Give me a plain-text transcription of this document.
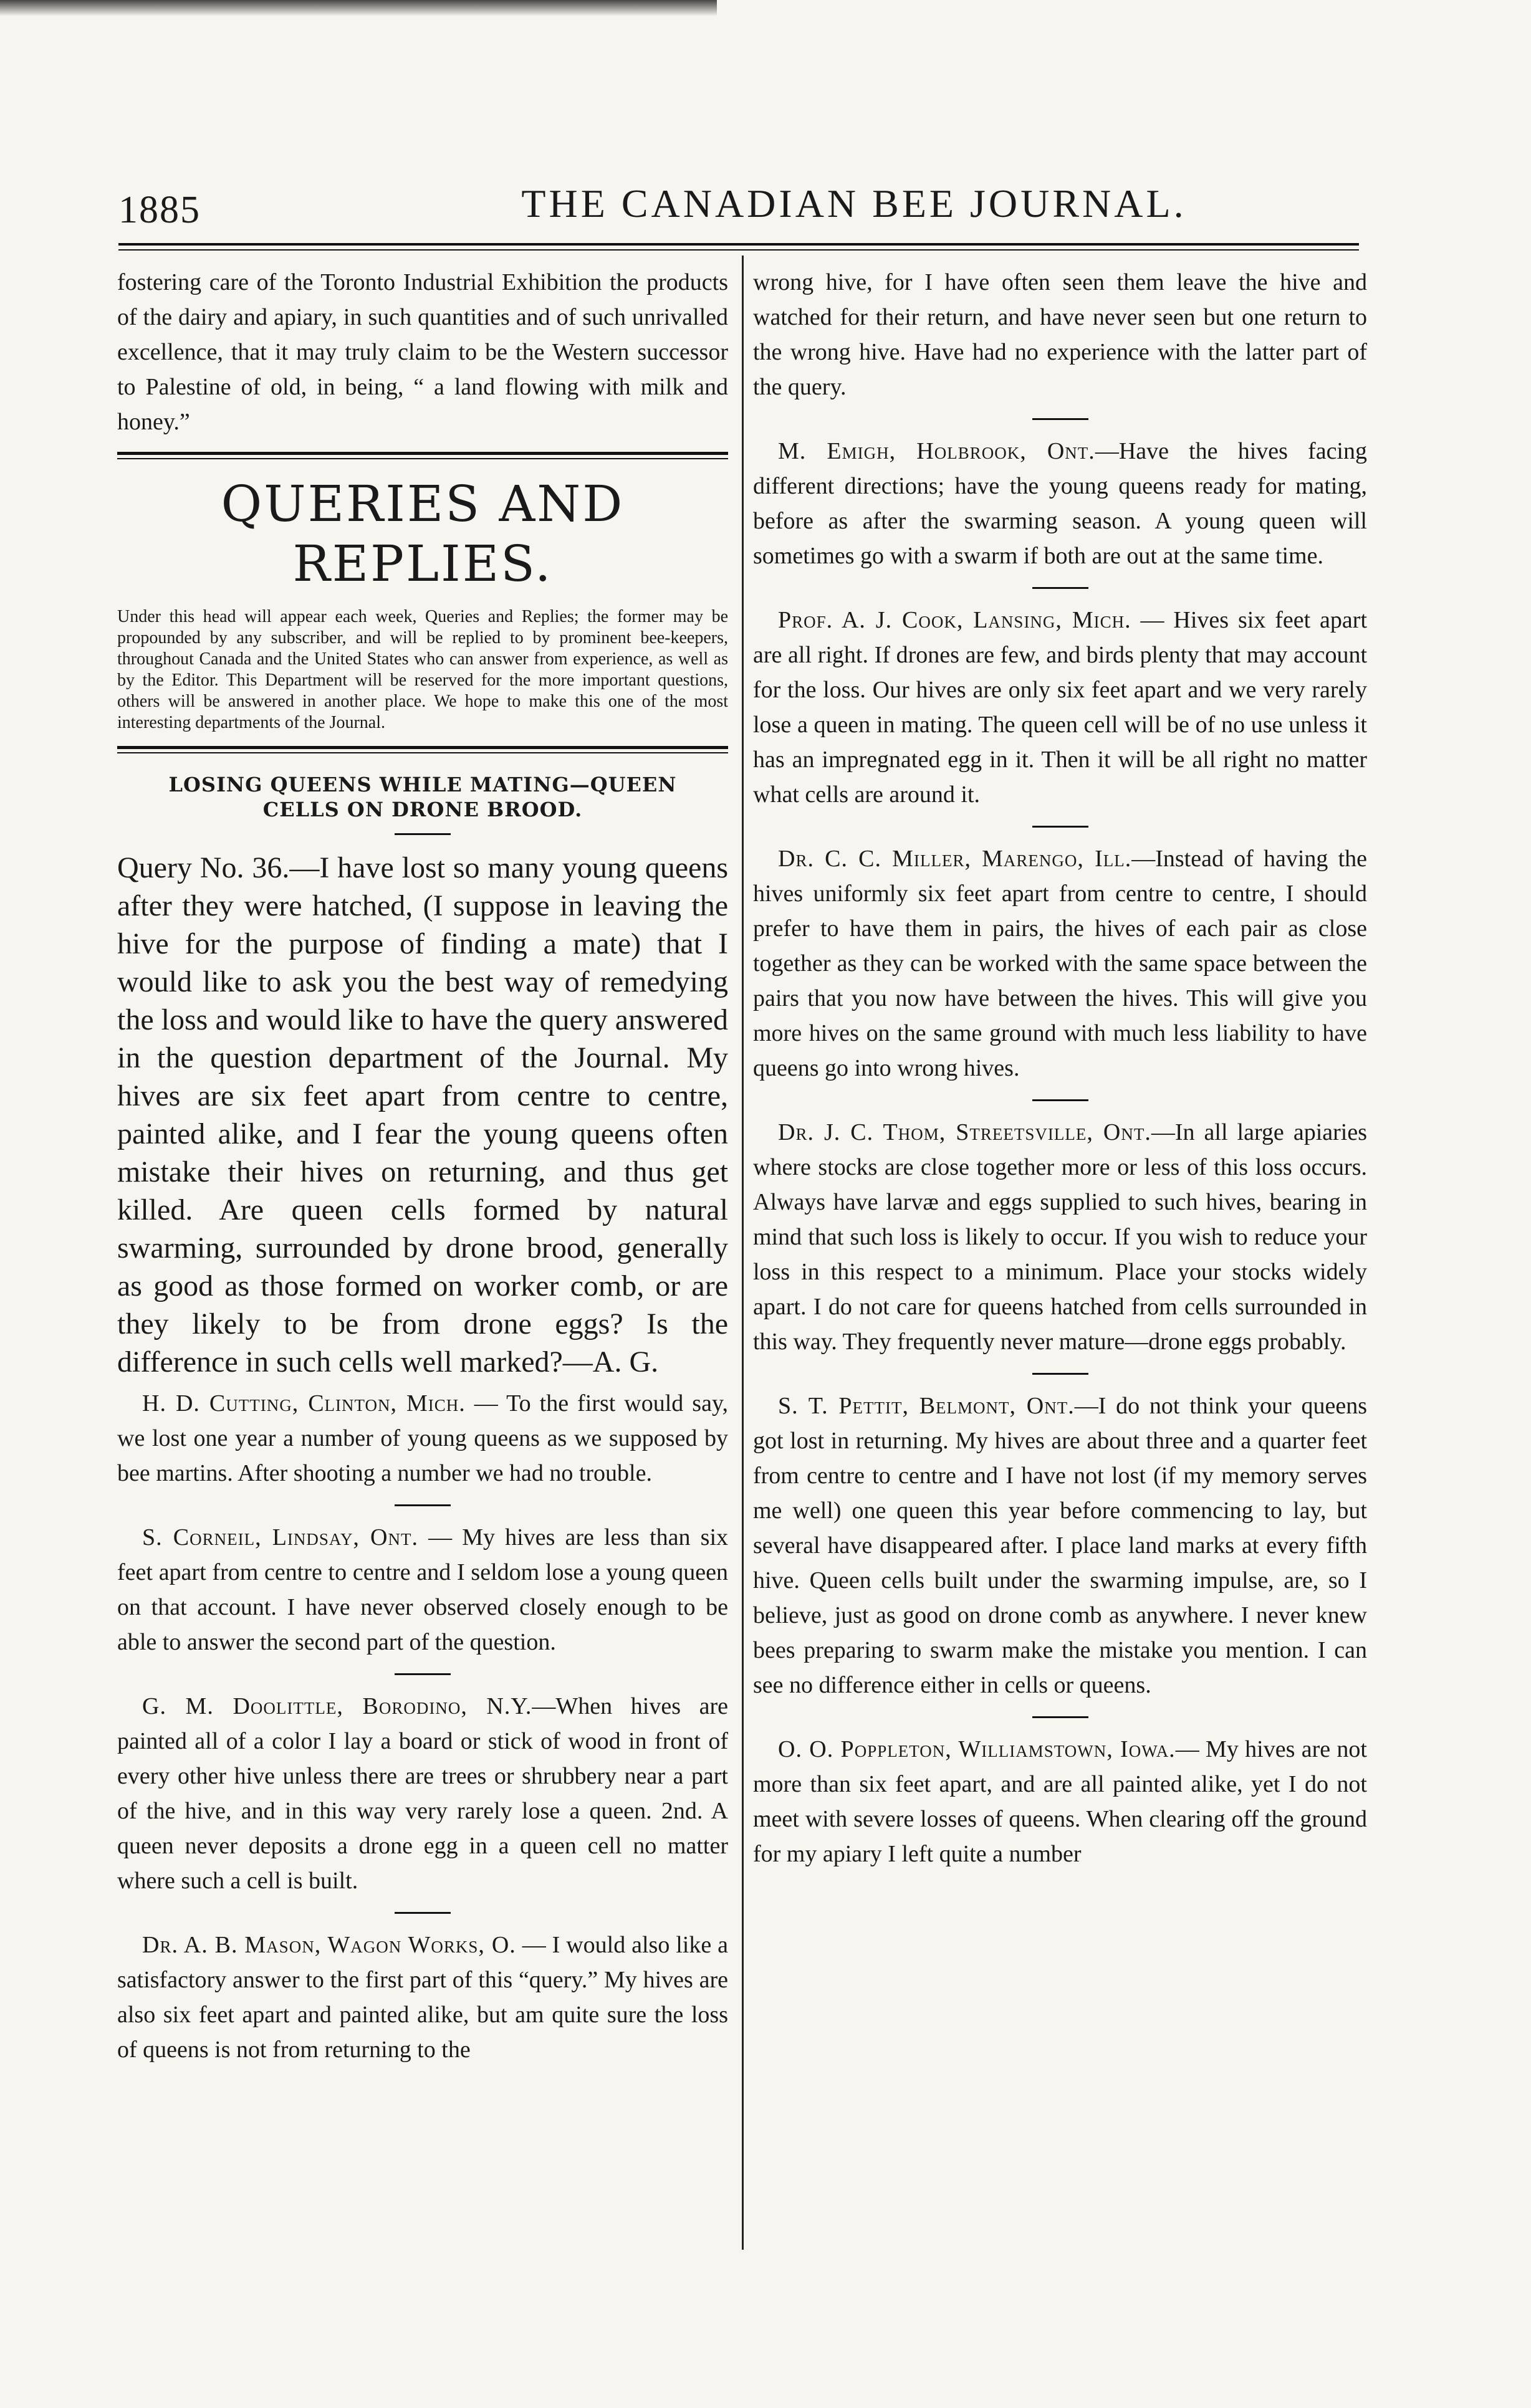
1885	THE CANADIAN BEE JOURNAL.

fostering care of the Toronto Industrial Exhibition the products of the dairy and apiary, in such quantities and of such unrivalled excellence, that it may truly claim to be the Western successor to Palestine of old, in being, “ a land flowing with milk and honey.”

QUERIES AND REPLIES.

Under this head will appear each week, Queries and Replies; the former may be propounded by any subscriber, and will be replied to by prominent bee-keepers, throughout Canada and the United States who can answer from experience, as well as by the Editor. This Department will be reserved for the more important questions, others will be answered in another place. We hope to make this one of the most interesting departments of the Journal.

LOSING QUEENS WHILE MATING—QUEEN
CELLS ON DRONE BROOD.

Query No. 36.—I have lost so many young queens after they were hatched, (I suppose in leaving the hive for the purpose of finding a mate) that I would like to ask you the best way of remedying the loss and would like to have the query answered in the question department of the Journal. My hives are six feet apart from centre to centre, painted alike, and I fear the young queens often mistake their hives on returning, and thus get killed. Are queen cells formed by natural swarming, surrounded by drone brood, generally as good as those formed on worker comb, or are they likely to be from drone eggs? Is the difference in such cells well marked?—A. G.

H. D. Cutting, Clinton, Mich. — To the first would say, we lost one year a number of young queens as we supposed by bee martins. After shooting a number we had no trouble.

S. Corneil, Lindsay, Ont. — My hives are less than six feet apart from centre to centre and I seldom lose a young queen on that account. I have never observed closely enough to be able to answer the second part of the question.

G. M. Doolittle, Borodino, N.Y.—When hives are painted all of a color I lay a board or stick of wood in front of every other hive unless there are trees or shrubbery near a part of the hive, and in this way very rarely lose a queen. 2nd. A queen never deposits a drone egg in a queen cell no matter where such a cell is built.

Dr. A. B. Mason, Wagon Works, O. — I would also like a satisfactory answer to the first part of this “query.” My hives are also six feet apart and painted alike, but am quite sure the loss of queens is not from returning to the

wrong hive, for I have often seen them leave the hive and watched for their return, and have never seen but one return to the wrong hive. Have had no experience with the latter part of the query.

M. Emigh, Holbrook, Ont.—Have the hives facing different directions; have the young queens ready for mating, before as after the swarming season. A young queen will sometimes go with a swarm if both are out at the same time.

Prof. A. J. Cook, Lansing, Mich. — Hives six feet apart are all right. If drones are few, and birds plenty that may account for the loss. Our hives are only six feet apart and we very rarely lose a queen in mating. The queen cell will be of no use unless it has an impregnated egg in it. Then it will be all right no matter what cells are around it.

Dr. C. C. Miller, Marengo, Ill.—Instead of having the hives uniformly six feet apart from centre to centre, I should prefer to have them in pairs, the hives of each pair as close together as they can be worked with the same space between the pairs that you now have between the hives. This will give you more hives on the same ground with much less liability to have queens go into wrong hives.

Dr. J. C. Thom, Streetsville, Ont.—In all large apiaries where stocks are close together more or less of this loss occurs. Always have larvæ and eggs supplied to such hives, bearing in mind that such loss is likely to occur. If you wish to reduce your loss in this respect to a minimum. Place your stocks widely apart. I do not care for queens hatched from cells surrounded in this way. They frequently never mature—drone eggs probably.

S. T. Pettit, Belmont, Ont.—I do not think your queens got lost in returning. My hives are about three and a quarter feet from centre to centre and I have not lost (if my memory serves me well) one queen this year before commencing to lay, but several have disappeared after. I place land marks at every fifth hive. Queen cells built under the swarming impulse, are, so I believe, just as good on drone comb as anywhere. I never knew bees preparing to swarm make the mistake you mention. I can see no difference either in cells or queens.

O. O. Poppleton, Williamstown, Iowa.— My hives are not more than six feet apart, and are all painted alike, yet I do not meet with severe losses of queens. When clearing off the ground for my apiary I left quite a number
